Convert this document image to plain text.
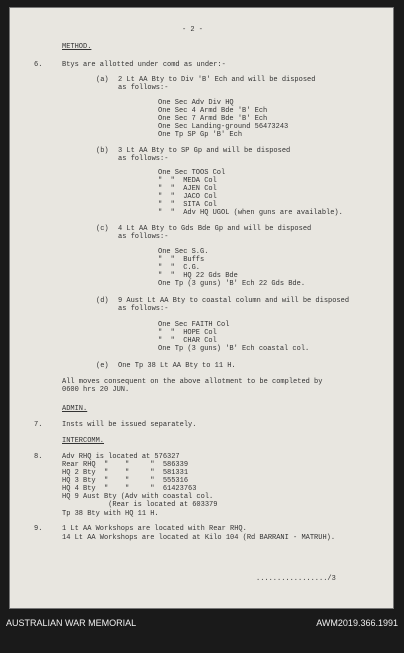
- 2 -
METHOD.
6.	Btys are allotted under comd as under:-
(a) 2 Lt AA Bty to Div 'B' Ech and will be disposed
as follows:-
One Sec Adv Div HQ
One Sec 4 Armd Bde 'B' Ech
One Sec 7 Armd Bde 'B' Ech
One Sec Landing-ground 56473243
One Tp SP Gp 'B' Ech
(b) 3 Lt AA Bty to SP Gp and will be disposed
as follows:-
One Sec TOOS Col
"  "  MEDA Col
"  "  AJEN Col
"  "  JACO Col
"  "  SITA Col
"  "  Adv HQ UGOL (when guns are available).
(c) 4 Lt AA Bty to Gds Bde Gp and will be disposed
as follows:-
One Sec S.G.
"  "  Buffs
"  "  C.G.
"  "  HQ 22 Gds Bde
One Tp (3 guns) 'B' Ech 22 Gds Bde.
(d) 9 Aust Lt AA Bty to coastal column and will be disposed
as follows:-
One Sec FAITH Col
"  "  HOPE Col
"  "  CHAR Col
One Tp (3 guns) 'B' Ech coastal col.
(e) One Tp 38 Lt AA Bty to 11 H.
All moves consequent on the above allotment to be completed by
0600 hrs 20 JUN.
ADMIN.
7.	Insts will be issued separately.
INTERCOMM.
8.	Adv RHQ is located at 576327
Rear RHQ  "    "     "  586339
HQ 2 Bty  "    "     "  581331
HQ 3 Bty  "    "     "  555316
HQ 4 Bty  "    "     "  61423763
HQ 9 Aust Bty (Adv with coastal col.
(Rear is located at 603379
Tp 38 Bty with HQ 11 H.
9.	1 Lt AA Workshops are located with Rear RHQ.
14 Lt AA Workshops are located at Kilo 104 (Rd BARRANI - MATRUH).
................./3
AUSTRALIAN WAR MEMORIAL	AWM2019.366.1991
